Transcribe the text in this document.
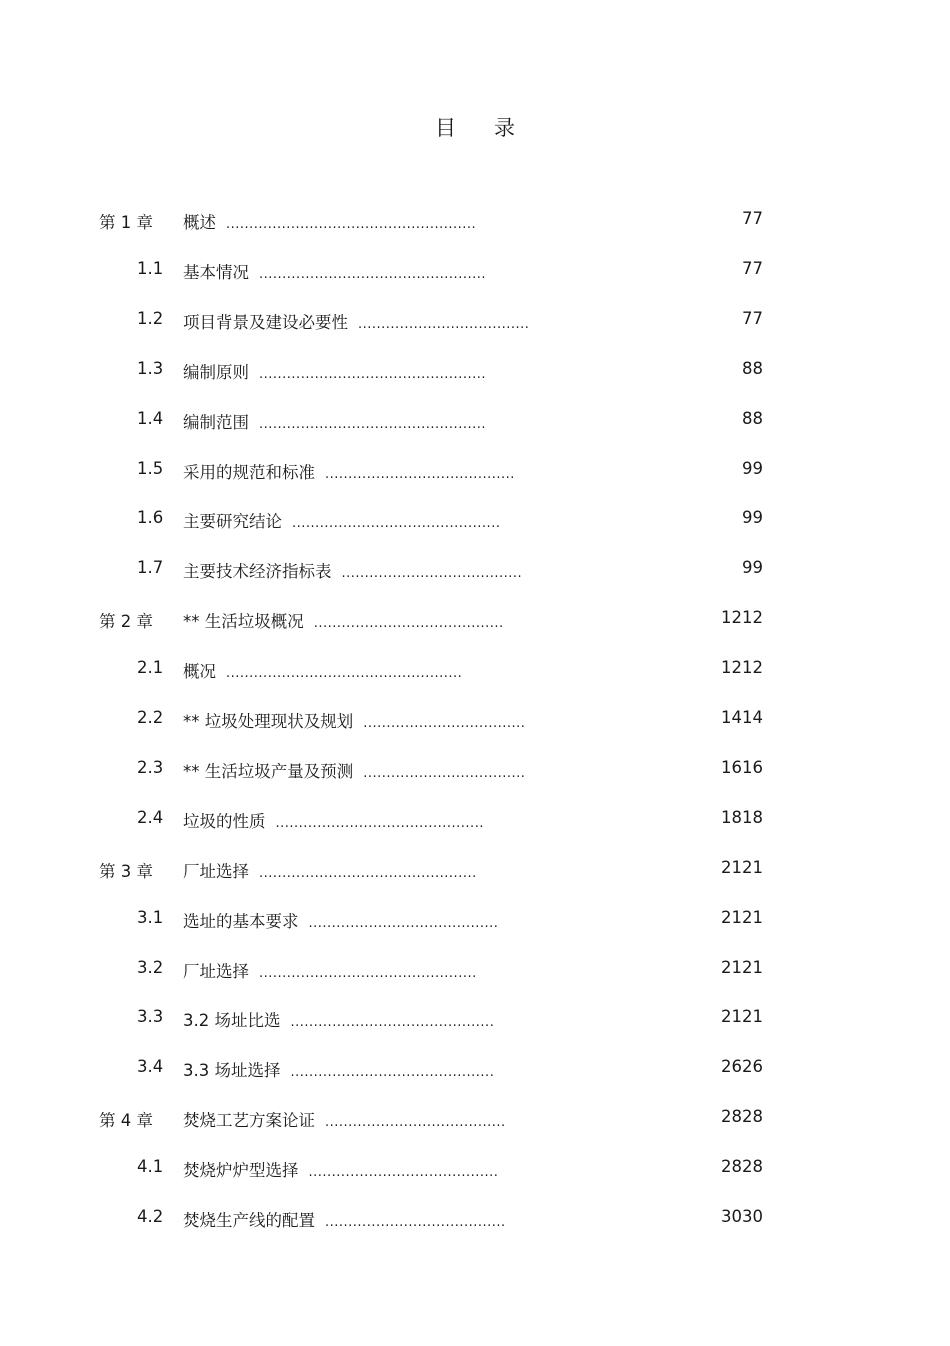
目录
第 1 章 概述 ......................................................	77
1.1 基本情况 .................................................	77
1.2 项目背景及建设必要性 .....................................	77
1.3 编制原则 .................................................	88
1.4 编制范围 .................................................	88
1.5 采用的规范和标准 .........................................	99
1.6 主要研究结论 .............................................	99
1.7 主要技术经济指标表 .......................................	99
第 2 章 ** 生活垃圾概况 .........................................	1212
2.1 概况 ...................................................	1212
2.2 ** 垃圾处理现状及规划 ...................................	1414
2.3 ** 生活垃圾产量及预测 ...................................	1616
2.4 垃圾的性质 .............................................	1818
第 3 章 厂址选择 ...............................................	2121
3.1 选址的基本要求 .........................................	2121
3.2 厂址选择 ...............................................	2121
3.3 3.2 场址比选 ............................................	2121
3.4 3.3 场址选择 ............................................	2626
第 4 章 焚烧工艺方案论证 .......................................	2828
4.1 焚烧炉炉型选择 .........................................	2828
4.2 焚烧生产线的配置 .......................................	3030
